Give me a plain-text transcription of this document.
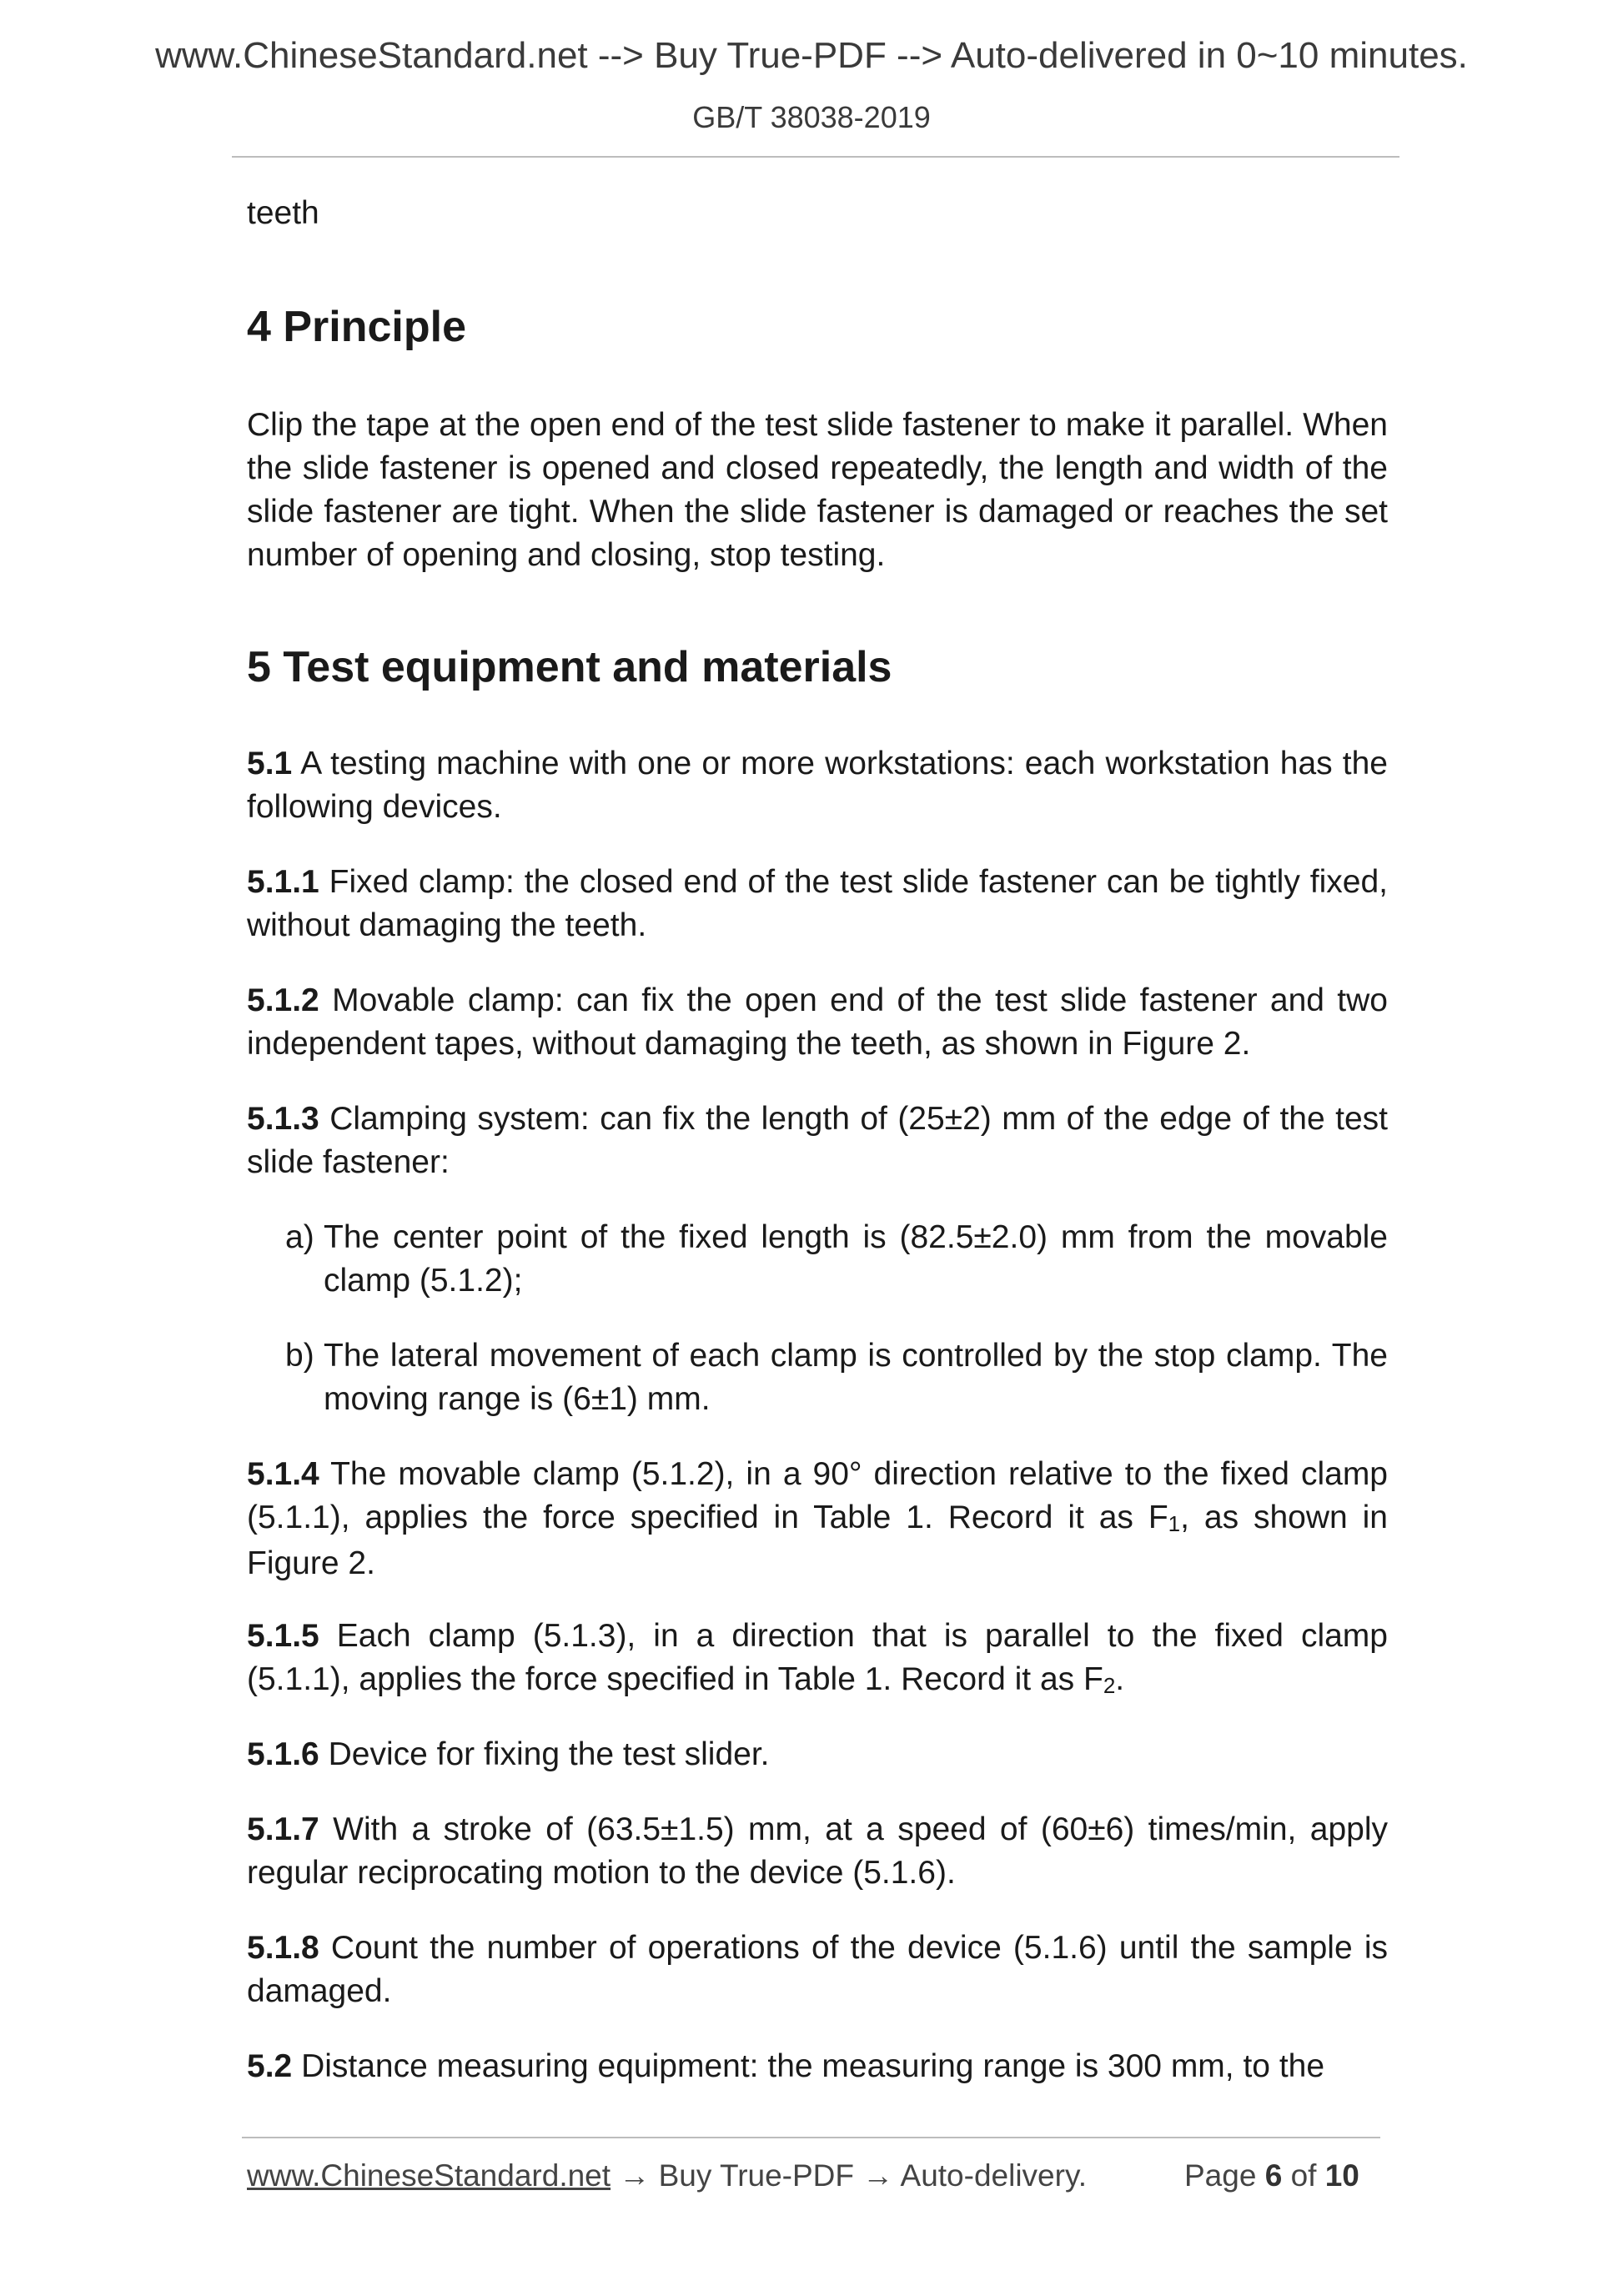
www.ChineseStandard.net --> Buy True-PDF --> Auto-delivered in 0~10 minutes.
GB/T 38038-2019
teeth
4 Principle
Clip the tape at the open end of the test slide fastener to make it parallel. When the slide fastener is opened and closed repeatedly, the length and width of the slide fastener are tight. When the slide fastener is damaged or reaches the set number of opening and closing, stop testing.
5 Test equipment and materials
5.1 A testing machine with one or more workstations: each workstation has the following devices.
5.1.1 Fixed clamp: the closed end of the test slide fastener can be tightly fixed, without damaging the teeth.
5.1.2 Movable clamp: can fix the open end of the test slide fastener and two independent tapes, without damaging the teeth, as shown in Figure 2.
5.1.3 Clamping system: can fix the length of (25±2) mm of the edge of the test slide fastener:
a) The center point of the fixed length is (82.5±2.0) mm from the movable clamp (5.1.2);
b) The lateral movement of each clamp is controlled by the stop clamp. The moving range is (6±1) mm.
5.1.4 The movable clamp (5.1.2), in a 90° direction relative to the fixed clamp (5.1.1), applies the force specified in Table 1. Record it as $F_1$, as shown in Figure 2.
5.1.5 Each clamp (5.1.3), in a direction that is parallel to the fixed clamp (5.1.1), applies the force specified in Table 1. Record it as $F_2$.
5.1.6 Device for fixing the test slider.
5.1.7 With a stroke of (63.5±1.5) mm, at a speed of (60±6) times/min, apply regular reciprocating motion to the device (5.1.6).
5.1.8 Count the number of operations of the device (5.1.6) until the sample is damaged.
5.2 Distance measuring equipment: the measuring range is 300 mm, to the
www.ChineseStandard.net → Buy True-PDF → Auto-delivery.	Page 6 of 10
